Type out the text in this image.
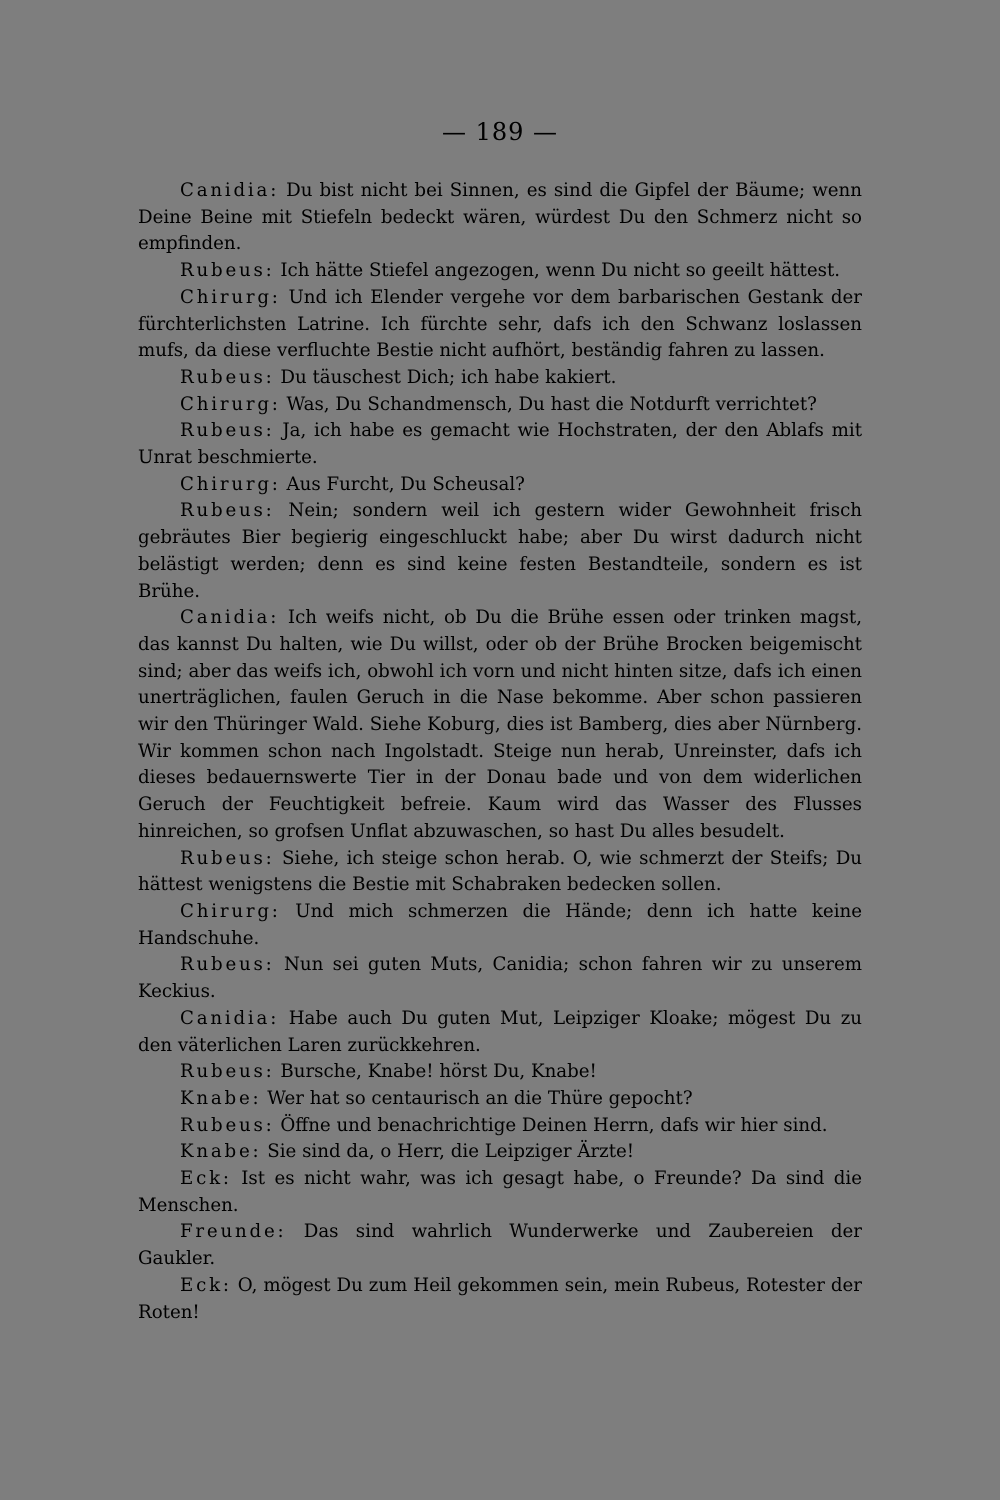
— 189 —

Canidia: Du bist nicht bei Sinnen, es sind die Gipfel der Bäume; wenn Deine Beine mit Stiefeln bedeckt wären, würdest Du den Schmerz nicht so empfinden.

Rubeus: Ich hätte Stiefel angezogen, wenn Du nicht so geeilt hättest.

Chirurg: Und ich Elender vergehe vor dem barbarischen Gestank der fürchterlichsten Latrine. Ich fürchte sehr, dafs ich den Schwanz loslassen mufs, da diese verfluchte Bestie nicht aufhört, beständig fahren zu lassen.

Rubeus: Du täuschest Dich; ich habe kakiert.

Chirurg: Was, Du Schandmensch, Du hast die Notdurft verrichtet?

Rubeus: Ja, ich habe es gemacht wie Hochstraten, der den Ablafs mit Unrat beschmierte.

Chirurg: Aus Furcht, Du Scheusal?

Rubeus: Nein; sondern weil ich gestern wider Gewohnheit frisch gebräutes Bier begierig eingeschluckt habe; aber Du wirst dadurch nicht belästigt werden; denn es sind keine festen Bestandteile, sondern es ist Brühe.

Canidia: Ich weifs nicht, ob Du die Brühe essen oder trinken magst, das kannst Du halten, wie Du willst, oder ob der Brühe Brocken beigemischt sind; aber das weifs ich, obwohl ich vorn und nicht hinten sitze, dafs ich einen unerträglichen, faulen Geruch in die Nase bekomme. Aber schon passieren wir den Thüringer Wald. Siehe Koburg, dies ist Bamberg, dies aber Nürnberg. Wir kommen schon nach Ingolstadt. Steige nun herab, Unreinster, dafs ich dieses bedauernswerte Tier in der Donau bade und von dem widerlichen Geruch der Feuchtigkeit befreie. Kaum wird das Wasser des Flusses hinreichen, so grofsen Unflat abzuwaschen, so hast Du alles besudelt.

Rubeus: Siehe, ich steige schon herab. O, wie schmerzt der Steifs; Du hättest wenigstens die Bestie mit Schabraken bedecken sollen.

Chirurg: Und mich schmerzen die Hände; denn ich hatte keine Handschuhe.

Rubeus: Nun sei guten Muts, Canidia; schon fahren wir zu unserem Keckius.

Canidia: Habe auch Du guten Mut, Leipziger Kloake; mögest Du zu den väterlichen Laren zurückkehren.

Rubeus: Bursche, Knabe! hörst Du, Knabe!

Knabe: Wer hat so centaurisch an die Thüre gepocht?

Rubeus: Öffne und benachrichtige Deinen Herrn, dafs wir hier sind.

Knabe: Sie sind da, o Herr, die Leipziger Ärzte!

Eck: Ist es nicht wahr, was ich gesagt habe, o Freunde? Da sind die Menschen.

Freunde: Das sind wahrlich Wunderwerke und Zaubereien der Gaukler.

Eck: O, mögest Du zum Heil gekommen sein, mein Rubeus, Rotester der Roten!
